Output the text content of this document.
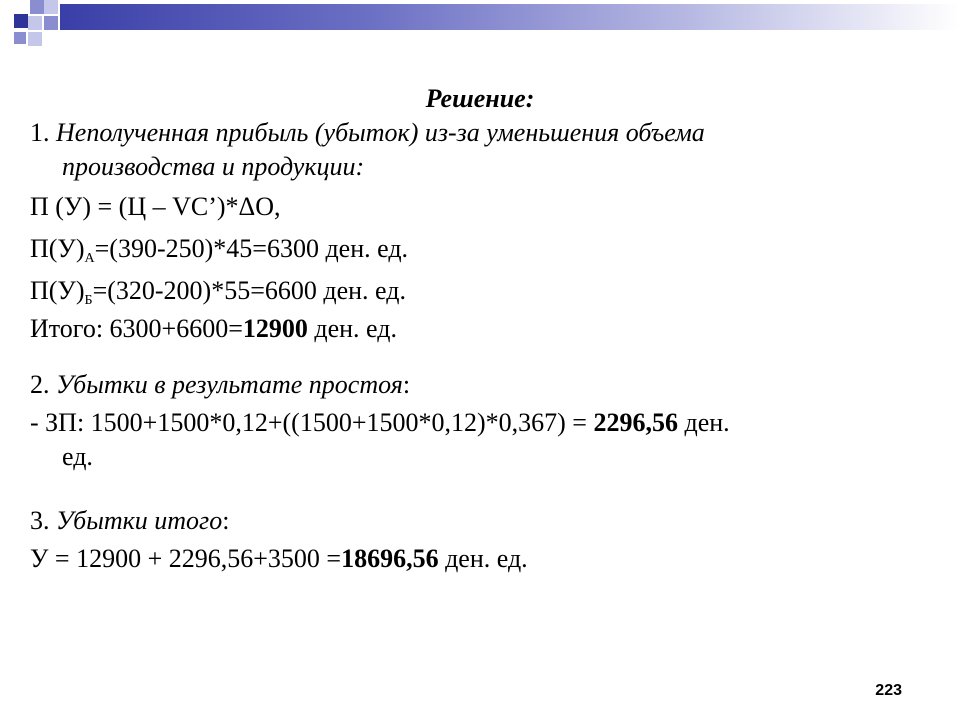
Решение:
1. Неполученная прибыль (убыток) из-за уменьшения объема
производства и продукции:
П (У) = (Ц – VC’)*ΔО,
$П(У)_А=(390-250)*45=6300$ ден. ед.
$П(У)_Б=(320-200)*55=6600$ ден. ед.
Итого: 6300+6600=12900 ден. ед.
2. Убытки в результате простоя:
- ЗП: 1500+1500*0,12+((1500+1500*0,12)*0,367) = 2296,56 ден.
ед.
3. Убытки итого:
У = 12900 + 2296,56+3500 =18696,56 ден. ед.
223
